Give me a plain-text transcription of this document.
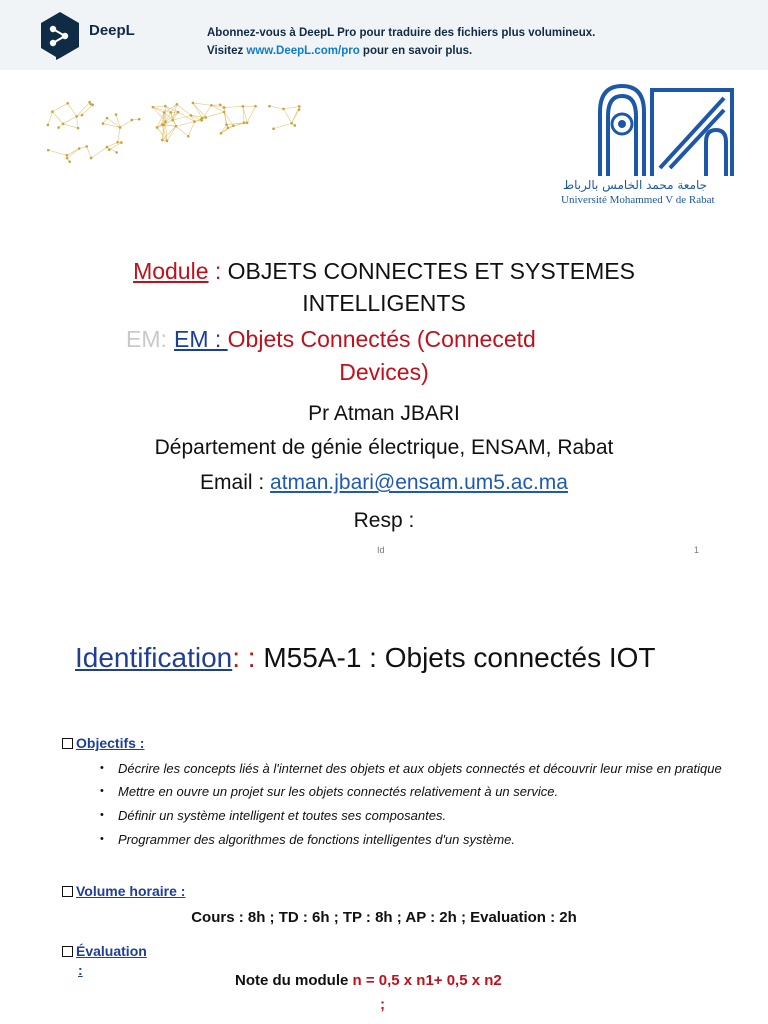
DeepL	Abonnez-vous à DeepL Pro pour traduire des fichiers plus volumineux.
Visitez www.DeepL.com/pro pour en savoir plus.
جامعة محمد الخامس بالرباط
Université Mohammed V de Rabat
Module : OBJETS CONNECTES ET SYSTEMES
INTELLIGENTS
EM: EM : Objets Connectés (Connecetd
Devices)
Pr Atman JBARI
Département de génie électrique, ENSAM, Rabat
Email : atman.jbari@ensam.um5.ac.ma
Resp :
Id	1
Identification: : M55A-1 : Objets connectés IOT
Objectifs :
• Décrire les concepts liés à l'internet des objets et aux objets connectés et découvrir leur mise en pratique
• Mettre en ouvre un projet sur les objets connectés relativement à un service.
• Définir un système intelligent et toutes ses composantes.
• Programmer des algorithmes de fonctions intelligentes d'un système.
Volume horaire :
Cours : 8h ; TD : 6h ; TP : 8h ; AP : 2h ; Evaluation : 2h
Évaluation
:
Note du module n = 0,5 x n1+ 0,5 x n2
;
